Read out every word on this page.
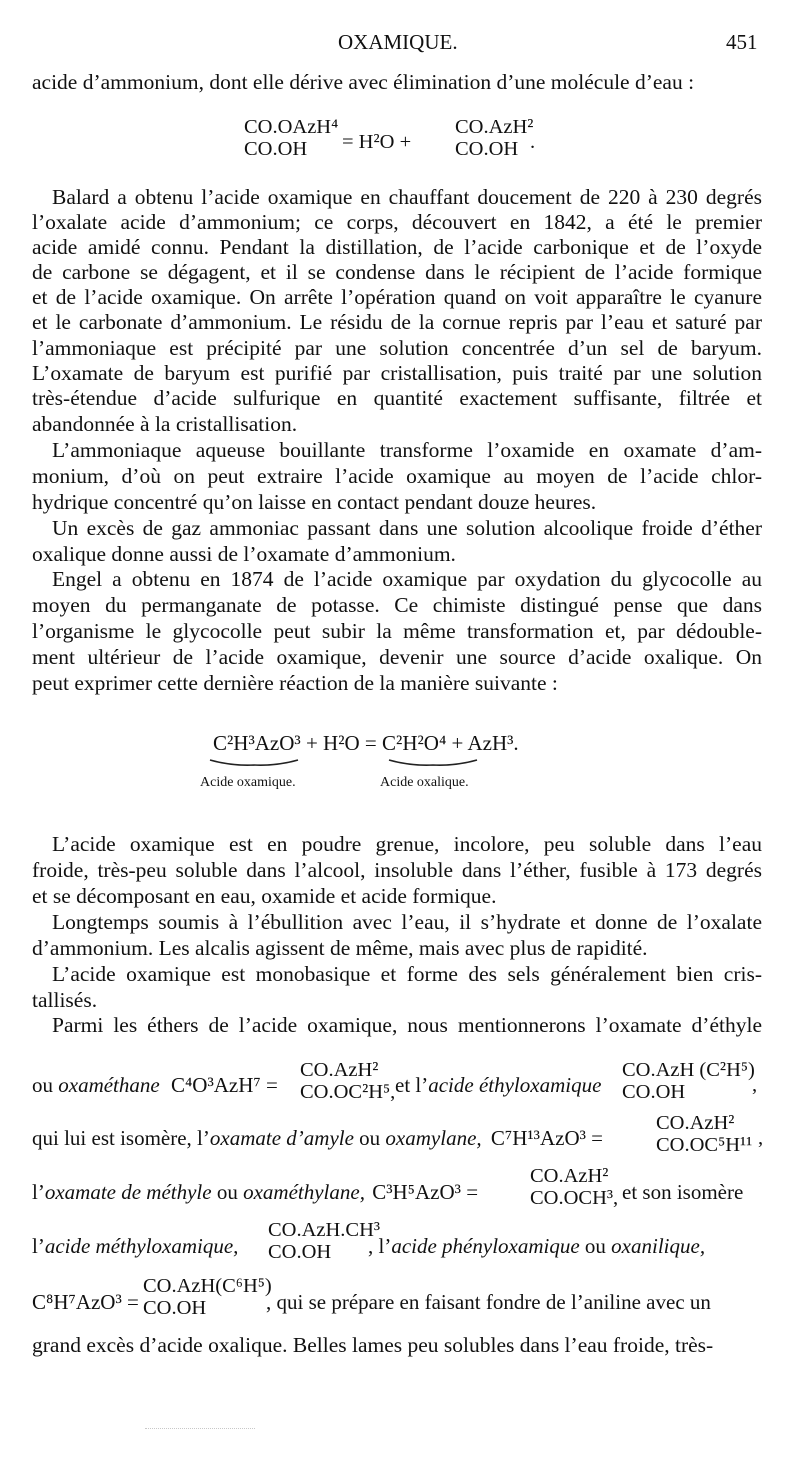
OXAMIQUE.	451
acide d’ammonium, dont elle dérive avec élimination d’une molécule d’eau :
CO.OAzH⁴
CO.OH	= H²O +
CO.AzH²
CO.OH .
Balard a obtenu l’acide oxamique en chauffant doucement de 220 à 230 degrés
l’oxalate acide d’ammonium; ce corps, découvert en 1842, a été le premier
acide amidé connu. Pendant la distillation, de l’acide carbonique et de l’oxyde
de carbone se dégagent, et il se condense dans le récipient de l’acide formique
et de l’acide oxamique. On arrête l’opération quand on voit apparaître le cyanure
et le carbonate d’ammonium. Le résidu de la cornue repris par l’eau et saturé par
l’ammoniaque est précipité par une solution concentrée d’un sel de baryum.
L’oxamate de baryum est purifié par cristallisation, puis traité par une solution
très-étendue d’acide sulfurique en quantité exactement suffisante, filtrée et
abandonnée à la cristallisation.
L’ammoniaque aqueuse bouillante transforme l’oxamide en oxamate d’am-
monium, d’où on peut extraire l’acide oxamique au moyen de l’acide chlor-
hydrique concentré qu’on laisse en contact pendant douze heures.
Un excès de gaz ammoniac passant dans une solution alcoolique froide d’éther
oxalique donne aussi de l’oxamate d’ammonium.
Engel a obtenu en 1874 de l’acide oxamique par oxydation du glycocolle au
moyen du permanganate de potasse. Ce chimiste distingué pense que dans
l’organisme le glycocolle peut subir la même transformation et, par dédouble-
ment ultérieur de l’acide oxamique, devenir une source d’acide oxalique. On
peut exprimer cette dernière réaction de la manière suivante :
C²H³AzO³ + H²O = C²H²O⁴ + AzH³.
Acide oxamique.	Acide oxalique.
L’acide oxamique est en poudre grenue, incolore, peu soluble dans l’eau
froide, très-peu soluble dans l’alcool, insoluble dans l’éther, fusible à 173 degrés
et se décomposant en eau, oxamide et acide formique.
Longtemps soumis à l’ébullition avec l’eau, il s’hydrate et donne de l’oxalate
d’ammonium. Les alcalis agissent de même, mais avec plus de rapidité.
L’acide oxamique est monobasique et forme des sels généralement bien cris-
tallisés.
Parmi les éthers de l’acide oxamique, nous mentionnerons l’oxamate d’éthyle
ou oxaméthane C⁴O³AzH⁷ =
CO.AzH²
CO.OC²H⁵, et l’acide éthyloxamique
CO.AzH (C²H⁵)
CO.OH	,
qui lui est isomère, l’oxamate d’amyle ou oxamylane, C⁷H¹³AzO³ =
CO.AzH²
CO.OC⁵H¹¹ ,
l’oxamate de méthyle ou oxaméthylane, C³H⁵AzO³ =
CO.AzH²
CO.OCH³, et son isomère
l’acide méthyloxamique,
CO.AzH.CH³
CO.OH	, l’acide phényloxamique ou oxanilique,
C⁸H⁷AzO³ =
CO.AzH(C⁶H⁵)
CO.OH	, qui se prépare en faisant fondre de l’aniline avec un
grand excès d’acide oxalique. Belles lames peu solubles dans l’eau froide, très-
